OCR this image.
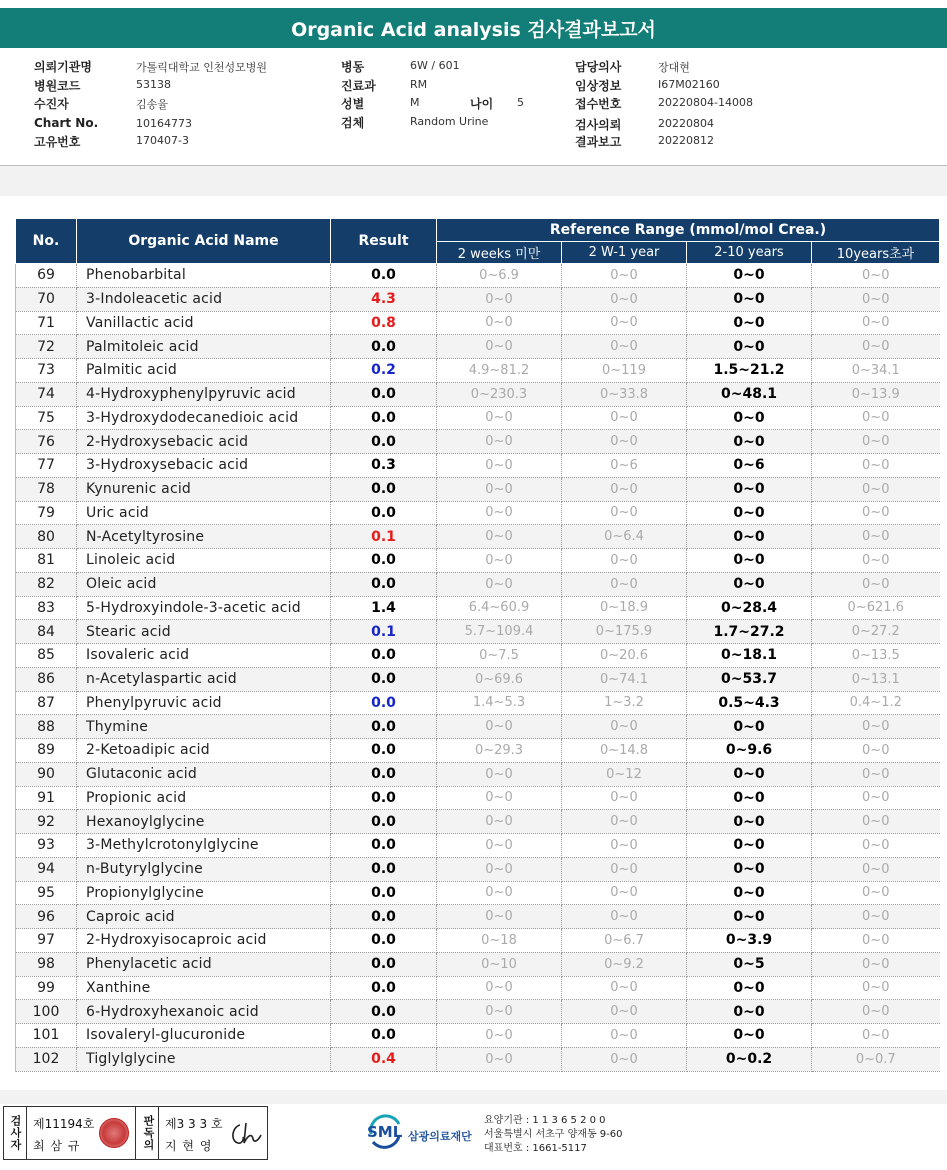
Organic Acid analysis 검사결과보고서
의뢰기관명	가톨릭대학교 인천성모병원
병원코드	53138
수진자	김송율
Chart No.	10164773
고유번호	170407-3
병동	6W / 601
진료과	RM
성별	M	나이 5
검체	Random Urine
담당의사	장대현
임상정보	I67M02160
접수번호	20220804-14008
검사의뢰	20220804
결과보고	20220812
No.	Organic Acid Name	Result	Reference Range (mmol/mol Crea.)			
			2 weeks 미만	2 W-1 year	2-10 years	10years초과
69	Phenobarbital	0.0	0~6.9	0~0	0~0	0~0
70	3-Indoleacetic acid	4.3	0~0	0~0	0~0	0~0
71	Vanillactic acid	0.8	0~0	0~0	0~0	0~0
72	Palmitoleic acid	0.0	0~0	0~0	0~0	0~0
73	Palmitic acid	0.2	4.9~81.2	0~119	1.5~21.2	0~34.1
74	4-Hydroxyphenylpyruvic acid	0.0	0~230.3	0~33.8	0~48.1	0~13.9
75	3-Hydroxydodecanedioic acid	0.0	0~0	0~0	0~0	0~0
76	2-Hydroxysebacic acid	0.0	0~0	0~0	0~0	0~0
77	3-Hydroxysebacic acid	0.3	0~0	0~6	0~6	0~0
78	Kynurenic acid	0.0	0~0	0~0	0~0	0~0
79	Uric acid	0.0	0~0	0~0	0~0	0~0
80	N-Acetyltyrosine	0.1	0~0	0~6.4	0~0	0~0
81	Linoleic acid	0.0	0~0	0~0	0~0	0~0
82	Oleic acid	0.0	0~0	0~0	0~0	0~0
83	5-Hydroxyindole-3-acetic acid	1.4	6.4~60.9	0~18.9	0~28.4	0~621.6
84	Stearic acid	0.1	5.7~109.4	0~175.9	1.7~27.2	0~27.2
85	Isovaleric acid	0.0	0~7.5	0~20.6	0~18.1	0~13.5
86	n-Acetylaspartic acid	0.0	0~69.6	0~74.1	0~53.7	0~13.1
87	Phenylpyruvic acid	0.0	1.4~5.3	1~3.2	0.5~4.3	0.4~1.2
88	Thymine	0.0	0~0	0~0	0~0	0~0
89	2-Ketoadipic acid	0.0	0~29.3	0~14.8	0~9.6	0~0
90	Glutaconic acid	0.0	0~0	0~12	0~0	0~0
91	Propionic acid	0.0	0~0	0~0	0~0	0~0
92	Hexanoylglycine	0.0	0~0	0~0	0~0	0~0
93	3-Methylcrotonylglycine	0.0	0~0	0~0	0~0	0~0
94	n-Butyrylglycine	0.0	0~0	0~0	0~0	0~0
95	Propionylglycine	0.0	0~0	0~0	0~0	0~0
96	Caproic acid	0.0	0~0	0~0	0~0	0~0
97	2-Hydroxyisocaproic acid	0.0	0~18	0~6.7	0~3.9	0~0
98	Phenylacetic acid	0.0	0~10	0~9.2	0~5	0~0
99	Xanthine	0.0	0~0	0~0	0~0	0~0
100	6-Hydroxyhexanoic acid	0.0	0~0	0~0	0~0	0~0
101	Isovaleryl-glucuronide	0.0	0~0	0~0	0~0	0~0
102	Tiglylglycine	0.4	0~0	0~0	0~0.2	0~0.7
검사자 제11194호
최 삼 규	판독의 제3 3 3 호
지 현 영
SML 삼광의료재단
요양기관 : 1 1 3 6 5 2 0 0
서울특별시 서초구 양재동 9-60
대표번호 : 1661-5117
